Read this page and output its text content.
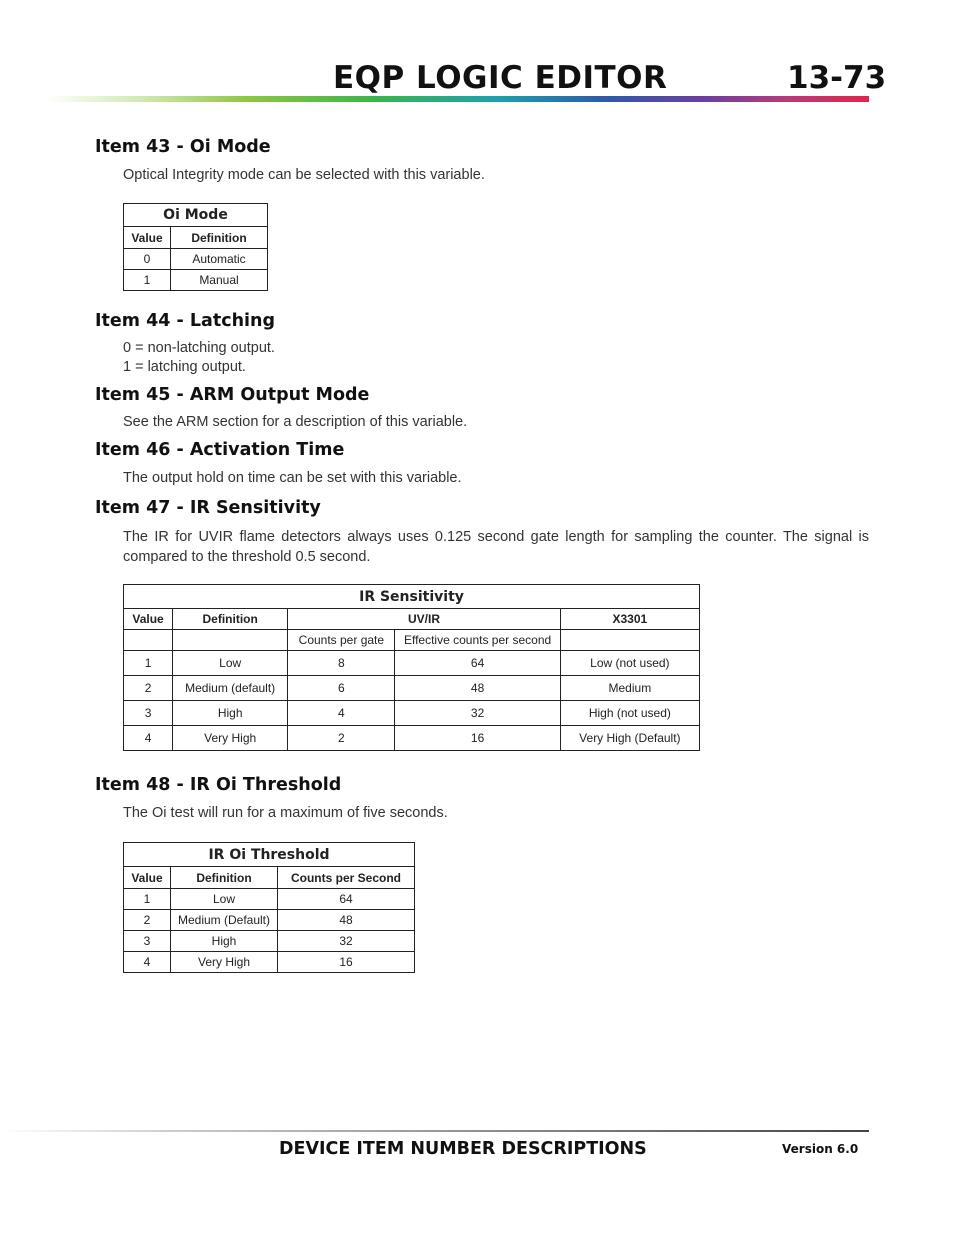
EQP LOGIC EDITOR	13-73
Item 43 - Oi Mode
Optical Integrity mode can be selected with this variable.
Oi Mode	
Value	Definition
0	Automatic
1	Manual
Item 44 - Latching
0 = non-latching output.
1 = latching output.
Item 45 - ARM Output Mode
See the ARM section for a description of this variable.
Item 46 - Activation Time
The output hold on time can be set with this variable.
Item 47 - IR Sensitivity
The IR for UVIR flame detectors always uses 0.125 second gate length for sampling the counter. The signal is compared to the threshold 0.5 second.
IR Sensitivity				
Value	Definition	UV/IR		X3301
		Counts per gate	Effective counts per second	
1	Low	8	64	Low (not used)
2	Medium (default)	6	48	Medium
3	High	4	32	High (not used)
4	Very High	2	16	Very High (Default)
Item 48 - IR Oi Threshold
The Oi test will run for a maximum of five seconds.
IR Oi Threshold		
Value	Definition	Counts per Second
1	Low	64
2	Medium (Default)	48
3	High	32
4	Very High	16
DEVICE ITEM NUMBER DESCRIPTIONS	Version 6.0
